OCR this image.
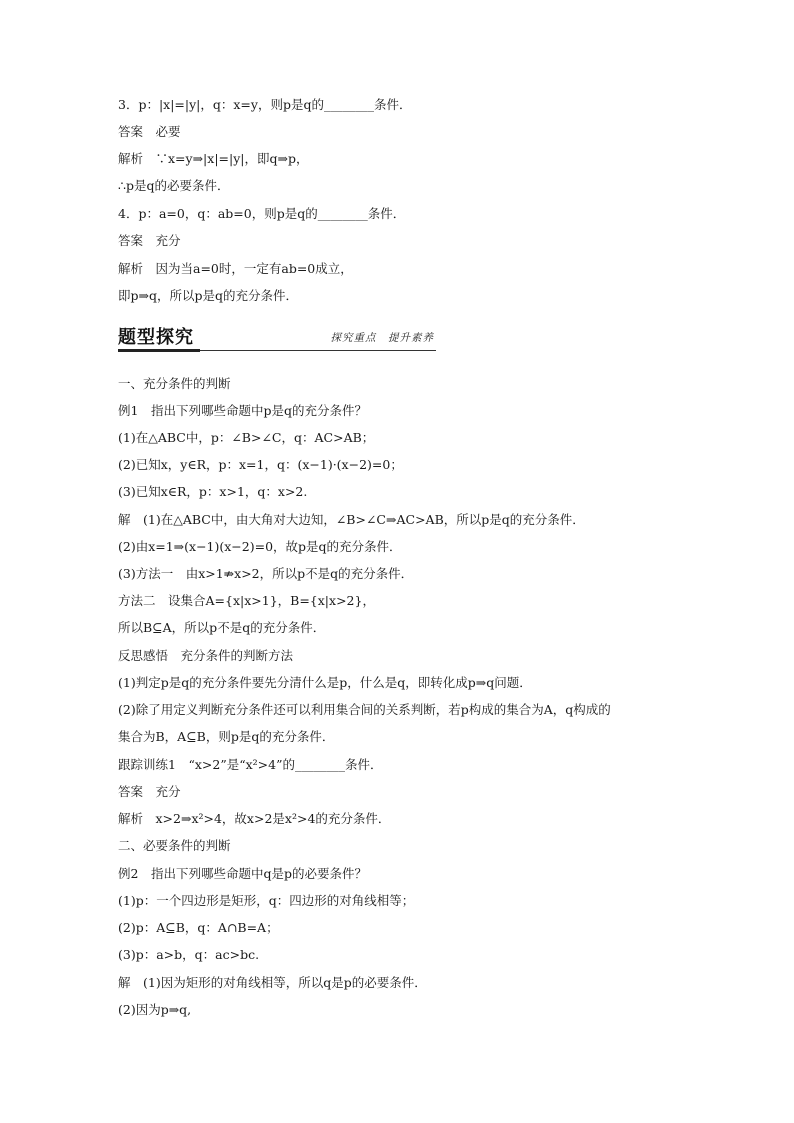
3．p：|x|=|y|，q：x=y，则p是q的________条件．
答案　必要
解析　∵x=y⇒|x|=|y|，即q⇒p，
∴p是q的必要条件．
4．p：a=0，q：ab=0，则p是q的________条件．
答案　充分
解析　因为当a=0时，一定有ab=0成立，
即p⇒q，所以p是q的充分条件．
题型探究	探究重点　提升素养
一、充分条件的判断
例1　指出下列哪些命题中p是q的充分条件？
(1)在△ABC中，p：∠B>∠C，q：AC>AB；
(2)已知x，y∈R，p：x=1，q：(x−1)·(x−2)=0；
(3)已知x∈R，p：x>1，q：x>2.
解　(1)在△ABC中，由大角对大边知，∠B>∠C⇒AC>AB，所以p是q的充分条件．
(2)由x=1⇒(x−1)(x−2)=0，故p是q的充分条件．
(3)方法一　由x>1⇏x>2，所以p不是q的充分条件．
方法二　设集合A={x|x>1}，B={x|x>2}，
所以B⊆A，所以p不是q的充分条件．
反思感悟　充分条件的判断方法
(1)判定p是q的充分条件要先分清什么是p，什么是q，即转化成p⇒q问题．
(2)除了用定义判断充分条件还可以利用集合间的关系判断，若p构成的集合为A，q构成的
集合为B，A⊆B，则p是q的充分条件．
跟踪训练1　“x>2”是“x²>4”的________条件．
答案　充分
解析　x>2⇒x²>4，故x>2是x²>4的充分条件．
二、必要条件的判断
例2　指出下列哪些命题中q是p的必要条件？
(1)p：一个四边形是矩形，q：四边形的对角线相等；
(2)p：A⊆B，q：A∩B=A；
(3)p：a>b，q：ac>bc.
解　(1)因为矩形的对角线相等，所以q是p的必要条件．
(2)因为p⇒q,
